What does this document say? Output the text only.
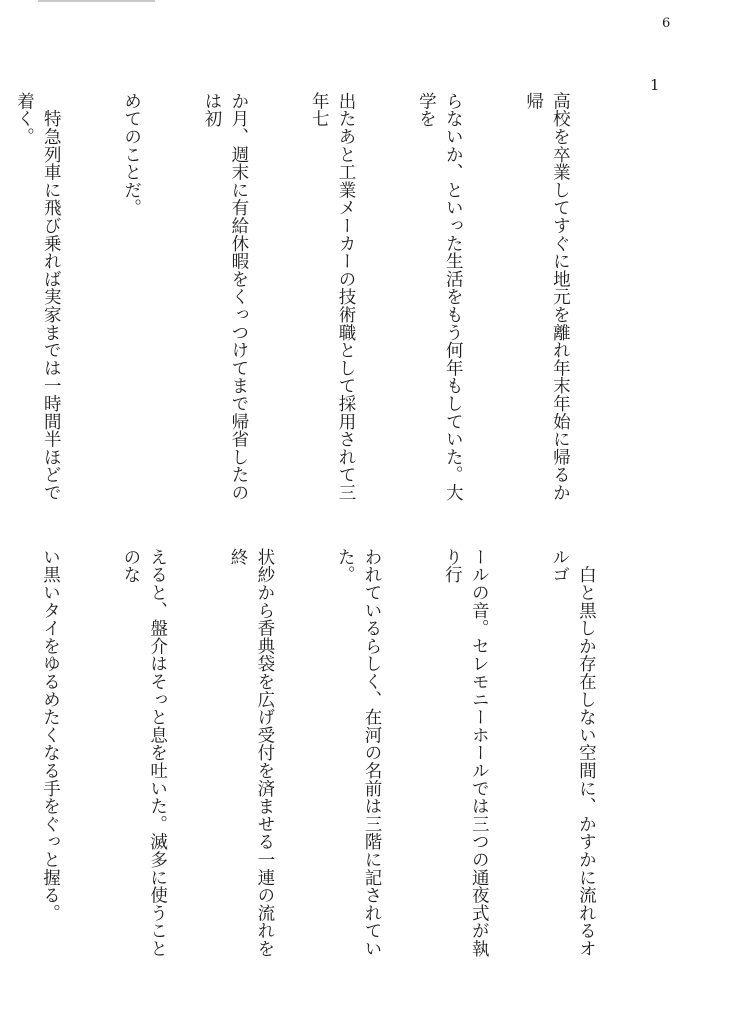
6
1

高校を卒業してすぐに地元を離れ年末年始に帰るか帰

らないか、といった生活をもう何年もしていた。大学を

出たあと工業メーカーの技術職として採用されて三年七

か月、週末に有給休暇をくっつけてまで帰省したのは初

めてのことだ。

　特急列車に飛び乗れば実家までは一時間半ほどで着く。

　白と黒しか存在しない空間に、かすかに流れるオルゴ

ールの音。セレモニーホールでは三つの通夜式が執り行

われているらしく、在河の名前は三階に記されていた。

状紗から香典袋を広げ受付を済ませる一連の流れを終

えると、盤介はそっと息を吐いた。滅多に使うことのな

い黒いタイをゆるめたくなる手をぐっと握る。
